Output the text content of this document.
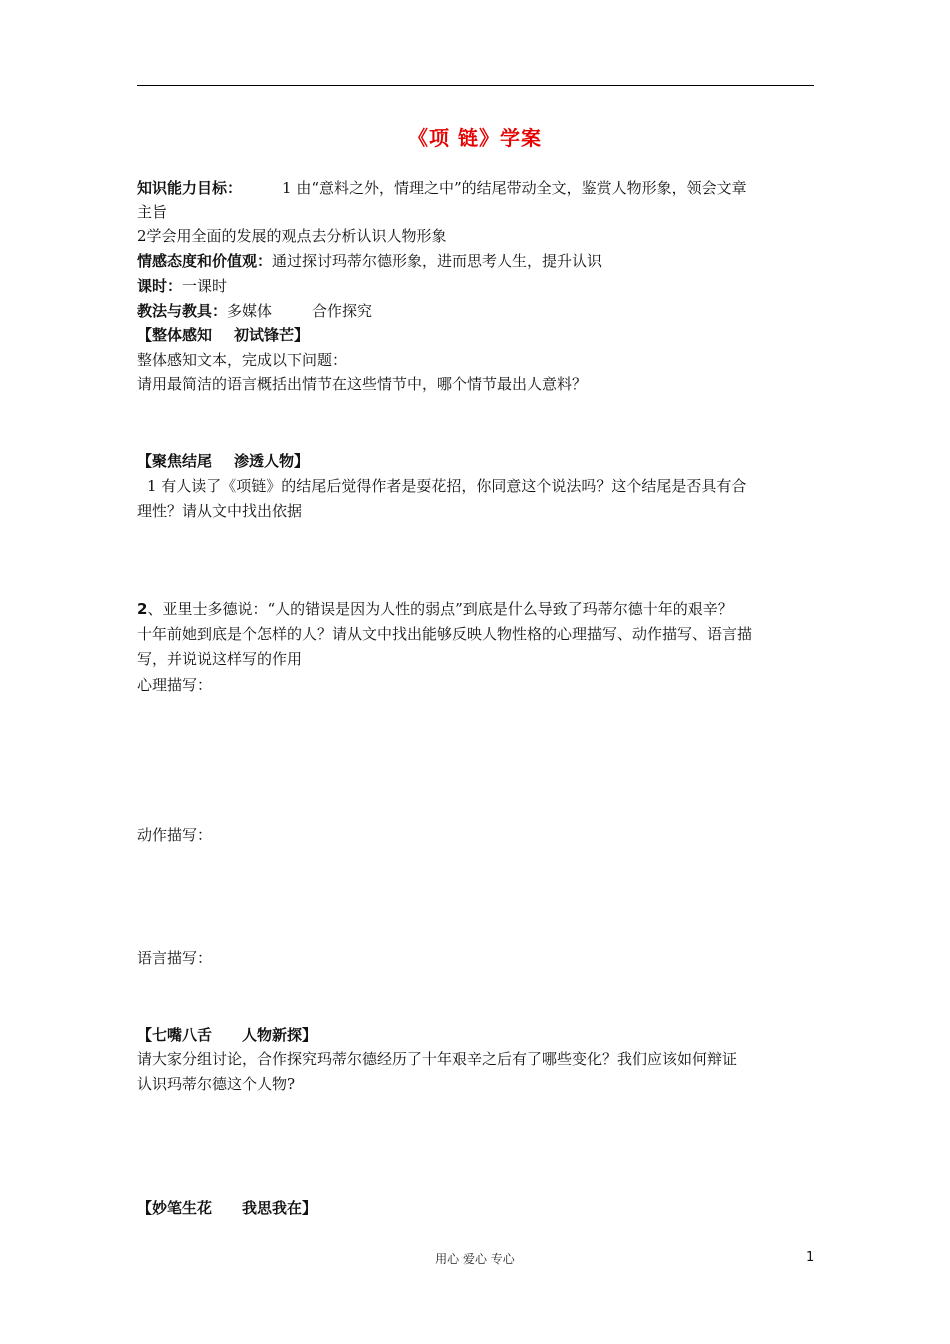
《项 链》学案
知识能力目标：	1 由“意料之外，情理之中”的结尾带动全文，鉴赏人物形象，领会文章
主旨
2学会用全面的发展的观点去分析认识人物形象
情感态度和价值观：通过探讨玛蒂尔德形象，进而思考人生，提升认识
课时：一课时
教法与教具：多媒体	合作探究
【整体感知 初试锋芒】
整体感知文本，完成以下问题：
请用最简洁的语言概括出情节在这些情节中，哪个情节最出人意料？
【聚焦结尾 渗透人物】
1 有人读了《项链》的结尾后觉得作者是耍花招，你同意这个说法吗？这个结尾是否具有合
理性？请从文中找出依据
2、亚里士多德说：“人的错误是因为人性的弱点”到底是什么导致了玛蒂尔德十年的艰辛？
十年前她到底是个怎样的人？请从文中找出能够反映人物性格的心理描写、动作描写、语言描
写，并说说这样写的作用
心理描写：
动作描写：
语言描写：
【七嘴八舌 人物新探】
请大家分组讨论，合作探究玛蒂尔德经历了十年艰辛之后有了哪些变化？我们应该如何辩证
认识玛蒂尔德这个人物?
【妙笔生花 我思我在】
用心 爱心 专心	1
